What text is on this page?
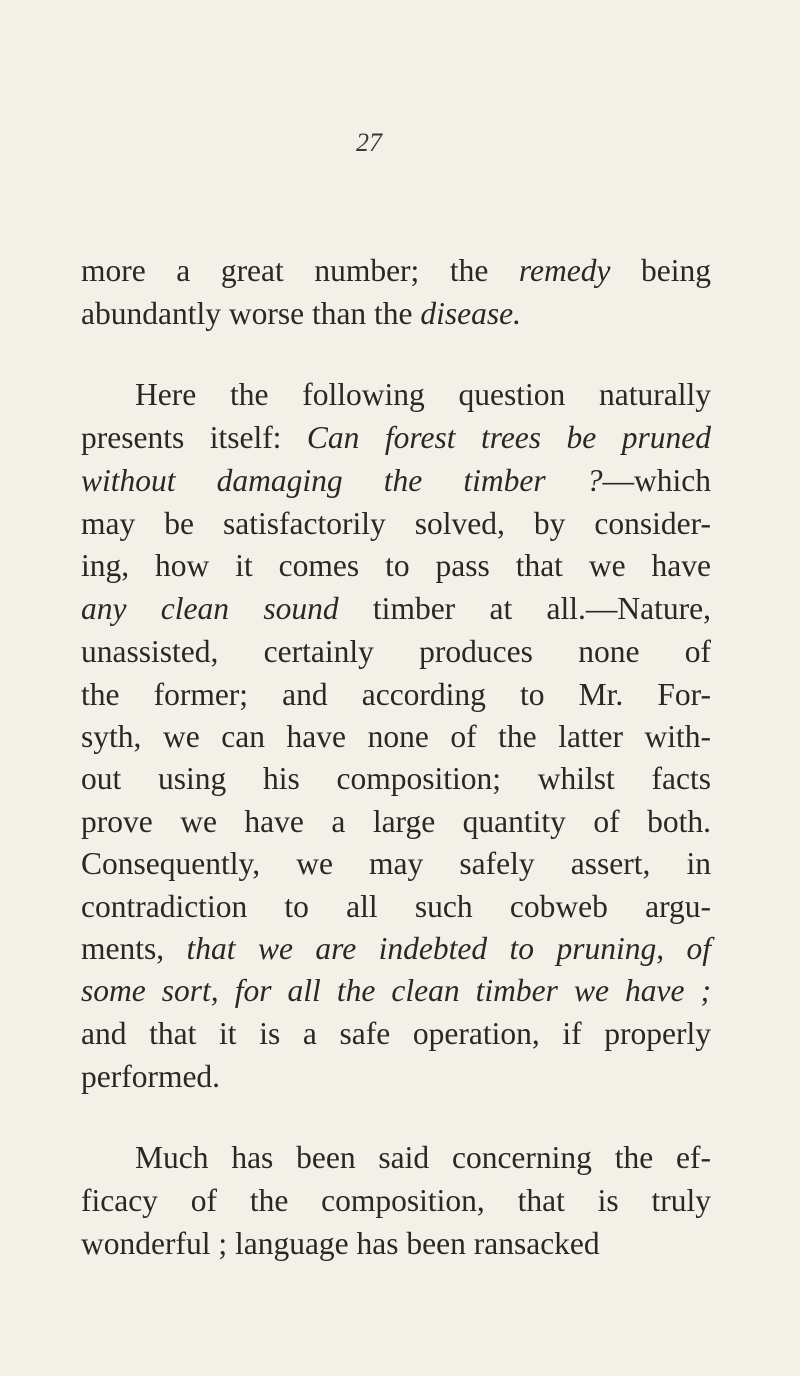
27
more a great number; the remedy being
abundantly worse than the disease.
Here the following question naturally
presents itself: Can forest trees be pruned
without damaging the timber ?—which
may be satisfactorily solved, by consider-
ing, how it comes to pass that we have
any clean sound timber at all.—Nature,
unassisted, certainly produces none of
the former; and according to Mr. For-
syth, we can have none of the latter with-
out using his composition; whilst facts
prove we have a large quantity of both.
Consequently, we may safely assert, in
contradiction to all such cobweb argu-
ments, that we are indebted to pruning, of
some sort, for all the clean timber we have ;
and that it is a safe operation, if properly
performed.
Much has been said concerning the ef-
ficacy of the composition, that is truly
wonderful ; language has been ransacked
